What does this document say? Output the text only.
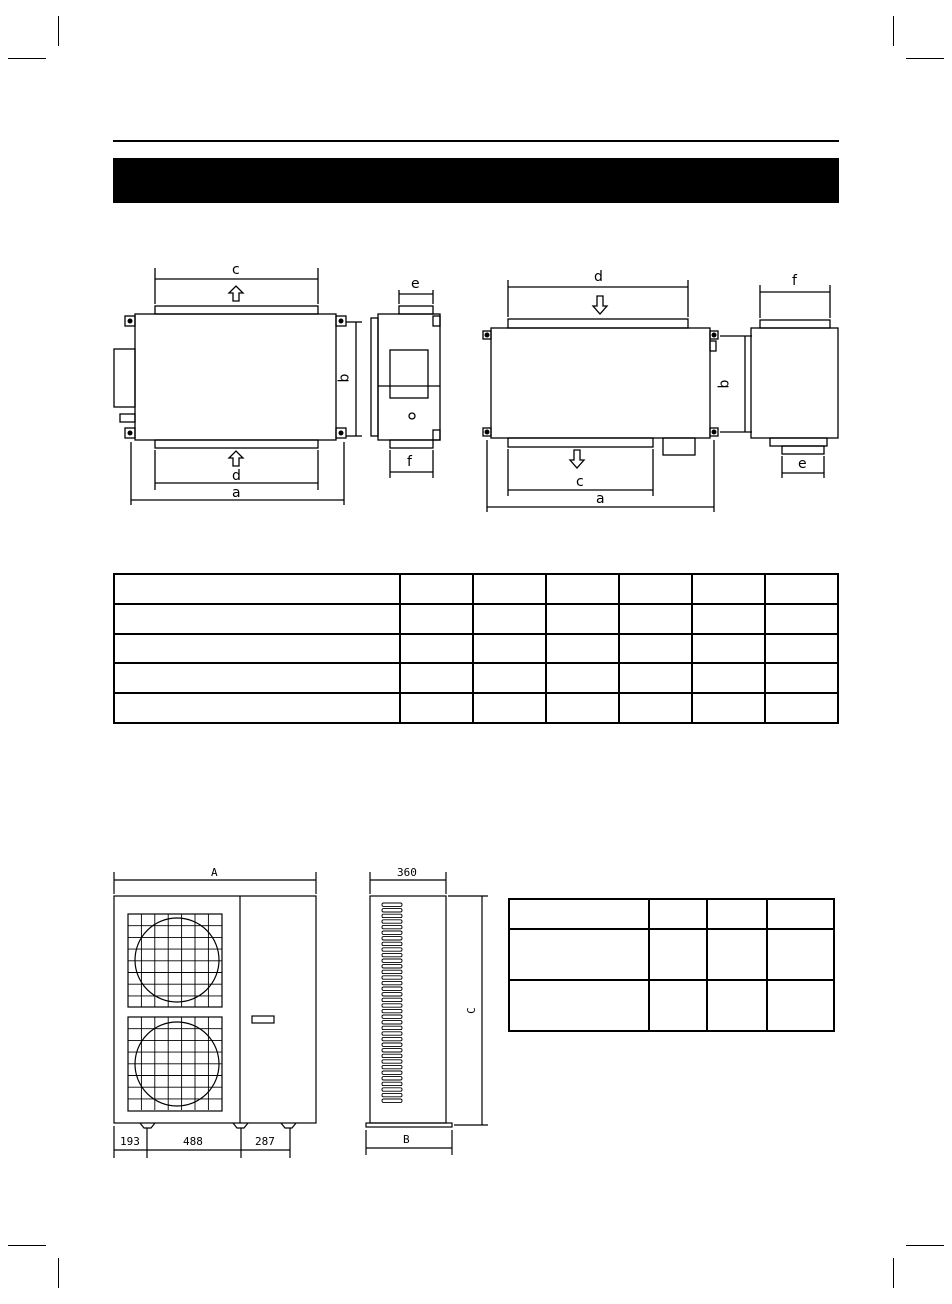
c
d
a
b
e
f
d
c
a
b
f
e

A
193	488	287
360
B
C
